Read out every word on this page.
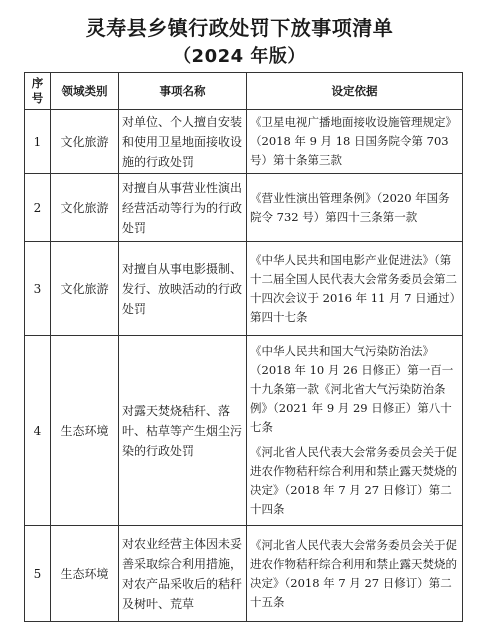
灵寿县乡镇行政处罚下放事项清单
（2024 年版）
序号	领域类别	事项名称	设定依据
1	文化旅游	对单位、个人擅自安装和使用卫星地面接收设施的行政处罚	《卫星电视广播地面接收设施管理规定》（2018 年 9 月 18 日国务院令第 703 号）第十条第三款
2	文化旅游	对擅自从事营业性演出经营活动等行为的行政处罚	《营业性演出管理条例》（2020 年国务院令 732 号）第四十三条第一款
3	文化旅游	对擅自从事电影摄制、发行、放映活动的行政处罚	《中华人民共和国电影产业促进法》（第十二届全国人民代表大会常务委员会第二十四次会议于 2016 年 11 月 7 日通过）第四十七条
4	生态环境	对露天焚烧秸秆、落叶、枯草等产生烟尘污染的行政处罚	《中华人民共和国大气污染防治法》（2018 年 10 月 26 日修正）第一百一十九条第一款《河北省大气污染防治条例》（2021 年 9 月 29 日修正）第八十七条
《河北省人民代表大会常务委员会关于促进农作物秸秆综合利用和禁止露天焚烧的决定》（2018 年 7 月 27 日修订）第二十四条
5	生态环境	对农业经营主体因未妥善采取综合利用措施，对农产品采收后的秸秆及树叶、荒草	《河北省人民代表大会常务委员会关于促进农作物秸秆综合利用和禁止露天焚烧的决定》（2018 年 7 月 27 日修订）第二十五条
